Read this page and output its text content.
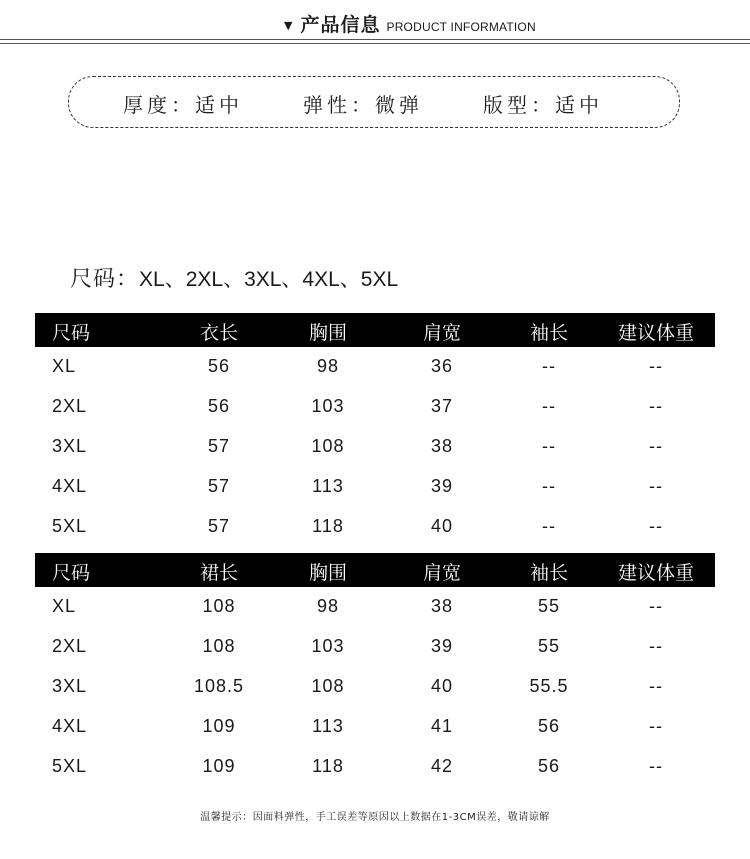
▼ 产品信息 PRODUCT INFORMATION
厚度：适中	弹性：微弹	版型：适中
尺码：XL、2XL、3XL、4XL、5XL
尺码	衣长	胸围	肩宽	袖长	建议体重
XL	56	98	36	--	--
2XL	56	103	37	--	--
3XL	57	108	38	--	--
4XL	57	113	39	--	--
5XL	57	118	40	--	--
尺码	裙长	胸围	肩宽	袖长	建议体重
XL	108	98	38	55	--
2XL	108	103	39	55	--
3XL	108.5	108	40	55.5	--
4XL	109	113	41	56	--
5XL	109	118	42	56	--
温馨提示：因面料弹性，手工误差等原因以上数据在1-3CM误差，敬请谅解
